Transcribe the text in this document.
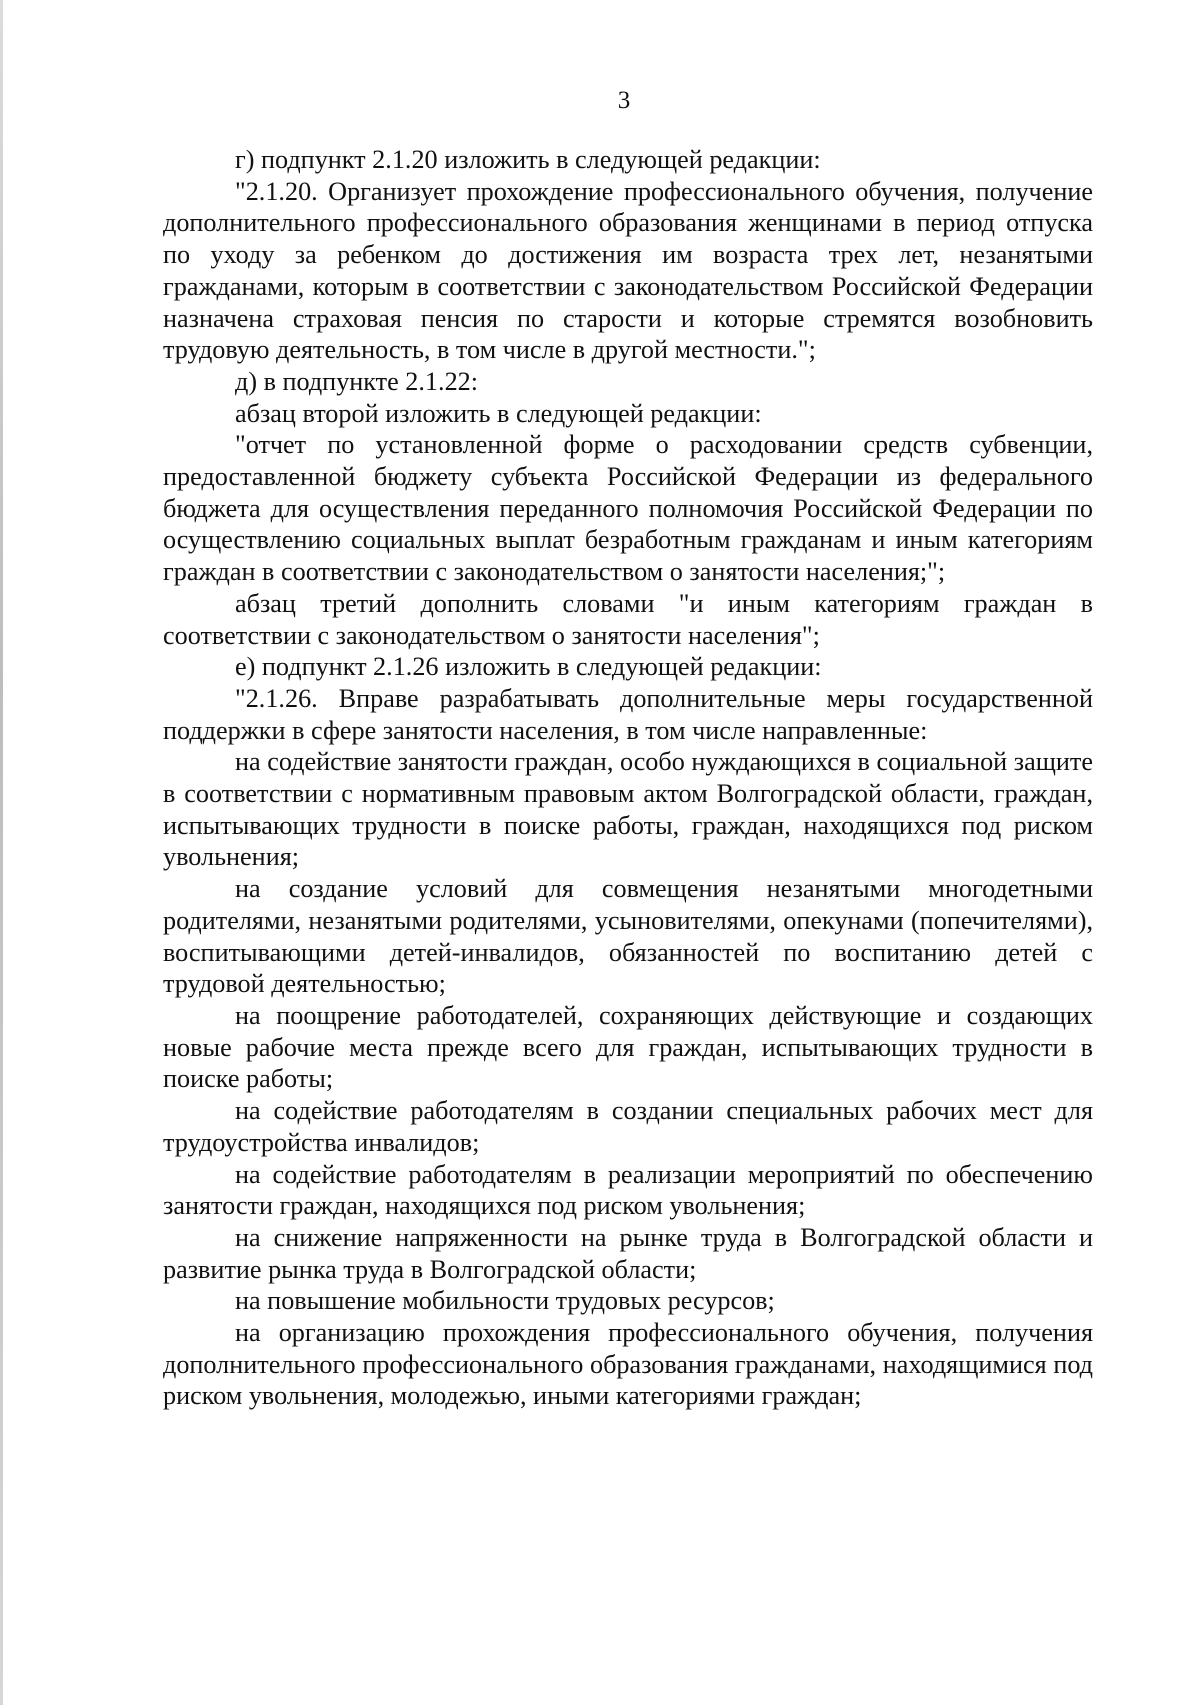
3

г) подпункт 2.1.20 изложить в следующей редакции:

"2.1.20. Организует прохождение профессионального обучения, получение дополнительного профессионального образования женщинами в период отпуска по уходу за ребенком до достижения им возраста трех лет, незанятыми гражданами, которым в соответствии с законодательством Российской Федерации назначена страховая пенсия по старости и которые стремятся возобновить трудовую деятельность, в том числе в другой местности.";

д) в подпункте 2.1.22:

абзац второй изложить в следующей редакции:

"отчет по установленной форме о расходовании средств субвенции, предоставленной бюджету субъекта Российской Федерации из федерального бюджета для осуществления переданного полномочия Российской Федерации по осуществлению социальных выплат безработным гражданам и иным категориям граждан в соответствии с законодательством о занятости населения;";

абзац третий дополнить словами "и иным категориям граждан в соответствии с законодательством о занятости населения";

е) подпункт 2.1.26 изложить в следующей редакции:

"2.1.26. Вправе разрабатывать дополнительные меры государственной поддержки в сфере занятости населения, в том числе направленные:

на содействие занятости граждан, особо нуждающихся в социальной защите в соответствии с нормативным правовым актом Волгоградской области, граждан, испытывающих трудности в поиске работы, граждан, находящихся под риском увольнения;

на создание условий для совмещения незанятыми многодетными родителями, незанятыми родителями, усыновителями, опекунами (попечителями), воспитывающими детей-инвалидов, обязанностей по воспитанию детей с трудовой деятельностью;

на поощрение работодателей, сохраняющих действующие и создающих новые рабочие места прежде всего для граждан, испытывающих трудности в поиске работы;

на содействие работодателям в создании специальных рабочих мест для трудоустройства инвалидов;

на содействие работодателям в реализации мероприятий по обеспечению занятости граждан, находящихся под риском увольнения;

на снижение напряженности на рынке труда в Волгоградской области и развитие рынка труда в Волгоградской области;

на повышение мобильности трудовых ресурсов;

на организацию прохождения профессионального обучения, получения дополнительного профессионального образования гражданами, находящимися под риском увольнения, молодежью, иными категориями граждан;
